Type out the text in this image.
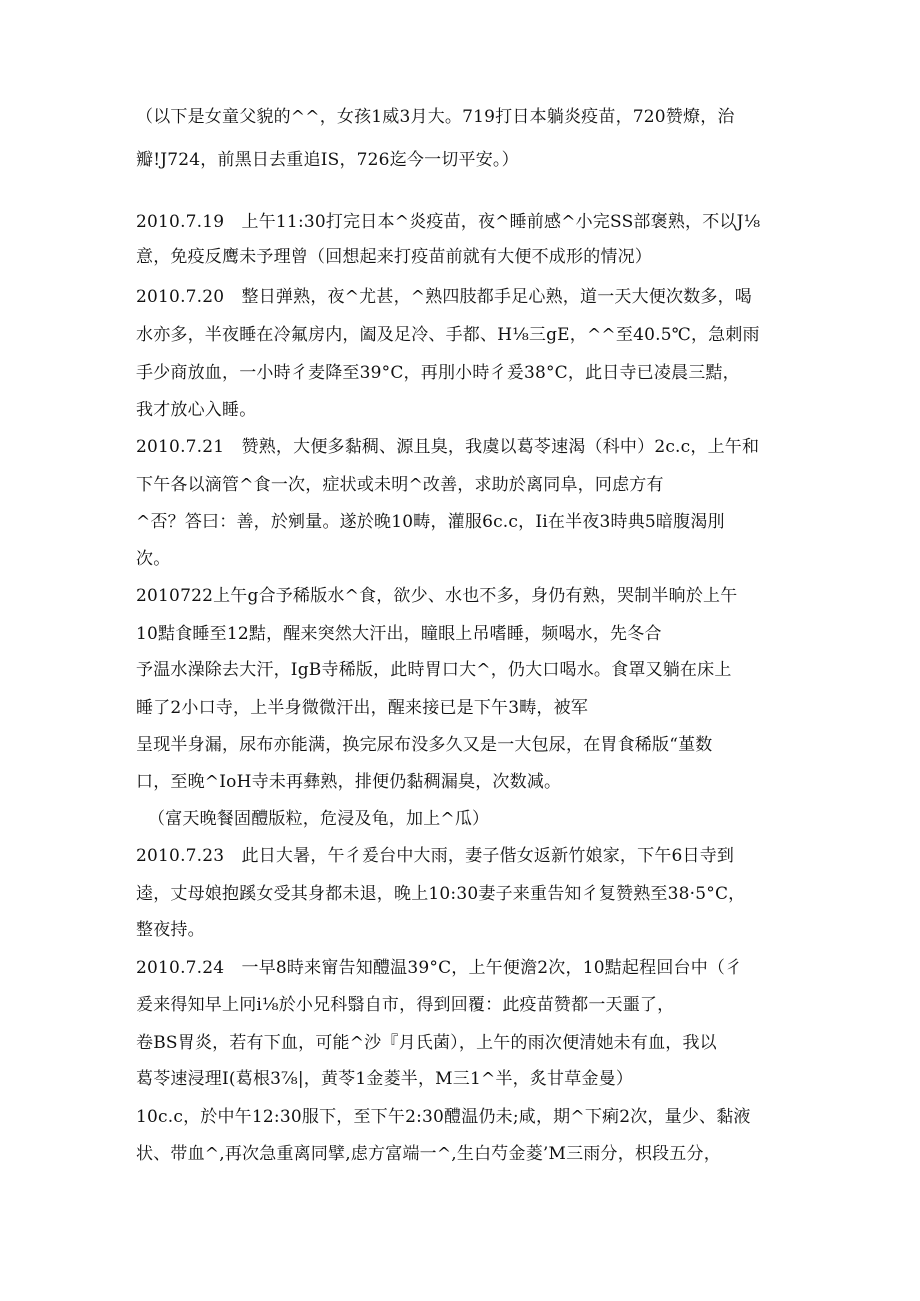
（以下是女童父貌的^^，女孩1威3月大。719打日本躺炎疫苗，720赞燎，治
瓣!J724，前黑日去重追IS，726迄今一切平安。）
2010.7.19　上午11:30打完日本^炎疫苗，夜^睡前感^小完SS部褒熟，不以J⅛
意，免疫反鹰未予理曾（回想起来打疫苗前就有大便不成形的情况）
2010.7.20　整日弹熟，夜^尤甚，^熟四肢都手足心熟，道一天大便次数多，喝
水亦多，半夜睡在冷氟房内，阖及足冷、手都、H⅛三gE，^^至40.5℃，急刺雨
手少商放血，一小時彳麦降至39°C，再刖小時彳爰38°C，此日寺已凌晨三黠，
我才放心入睡。
2010.7.21　赞熟，大便多黏稠、源且臭，我虞以葛苓速渴（科中）2c.c，上午和
下午各以滴管^食一次，症状或未明^改善，求助於离同阜，冋虑方有
^否？答曰：善，於剜量。遂於晚10畴，灌服6c.c，Ii在半夜3時典5暗腹渴刖
次。
2010722上午g合予稀版水^食，欲少、水也不多，身仍有熟，哭制半晌於上午
10黠食睡至12黠，醒来突然大汗出，瞳眼上吊嗜睡，频喝水，先冬合
予温水澡除去大汗，IgB寺稀版，此時胃口大^，仍大口喝水。食罩又躺在床上
睡了2小口寺，上半身微微汗出，醒来接已是下午3畴，被军
呈现半身漏，尿布亦能满，换完尿布没多久又是一大包尿，在胃食稀版“堇数
口，至晚^IoH寺未再彝熟，排便仍黏稠漏臭，次数减。
（富天晚餐固醴版粒，危浸及龟，加上^瓜）
2010.7.23　此日大暑，午彳爰台中大雨，妻子偕女返新竹娘家，下午6日寺到
逵，丈母娘抱蹊女受其身都未退，晚上10:30妻子来重告知彳复赞熟至38·5°C，
整夜持。
2010.7.24　一早8時来甯告知醴温39°C，上午便澹2次，10黠起程回台中（彳
爰来得知早上冋i⅛於小兄科翳自市，得到回覆：此疫苗赞都一天噩了，
卷BS胃炎，若有下血，可能^沙『月氏菌），上午的雨次便清她未有血，我以
葛苓速浸理Ⅰ(葛根3⅞|，黄苓1金菱半，M三1^半，炙甘草金曼）
10c.c，於中午12:30服下，至下午2:30醴温仍未;咸，期^下痢2次，量少、黏液
状、带血^,再次急重离同擘,虑方富端一^,生白芍金菱’M三雨分，枳段五分，
